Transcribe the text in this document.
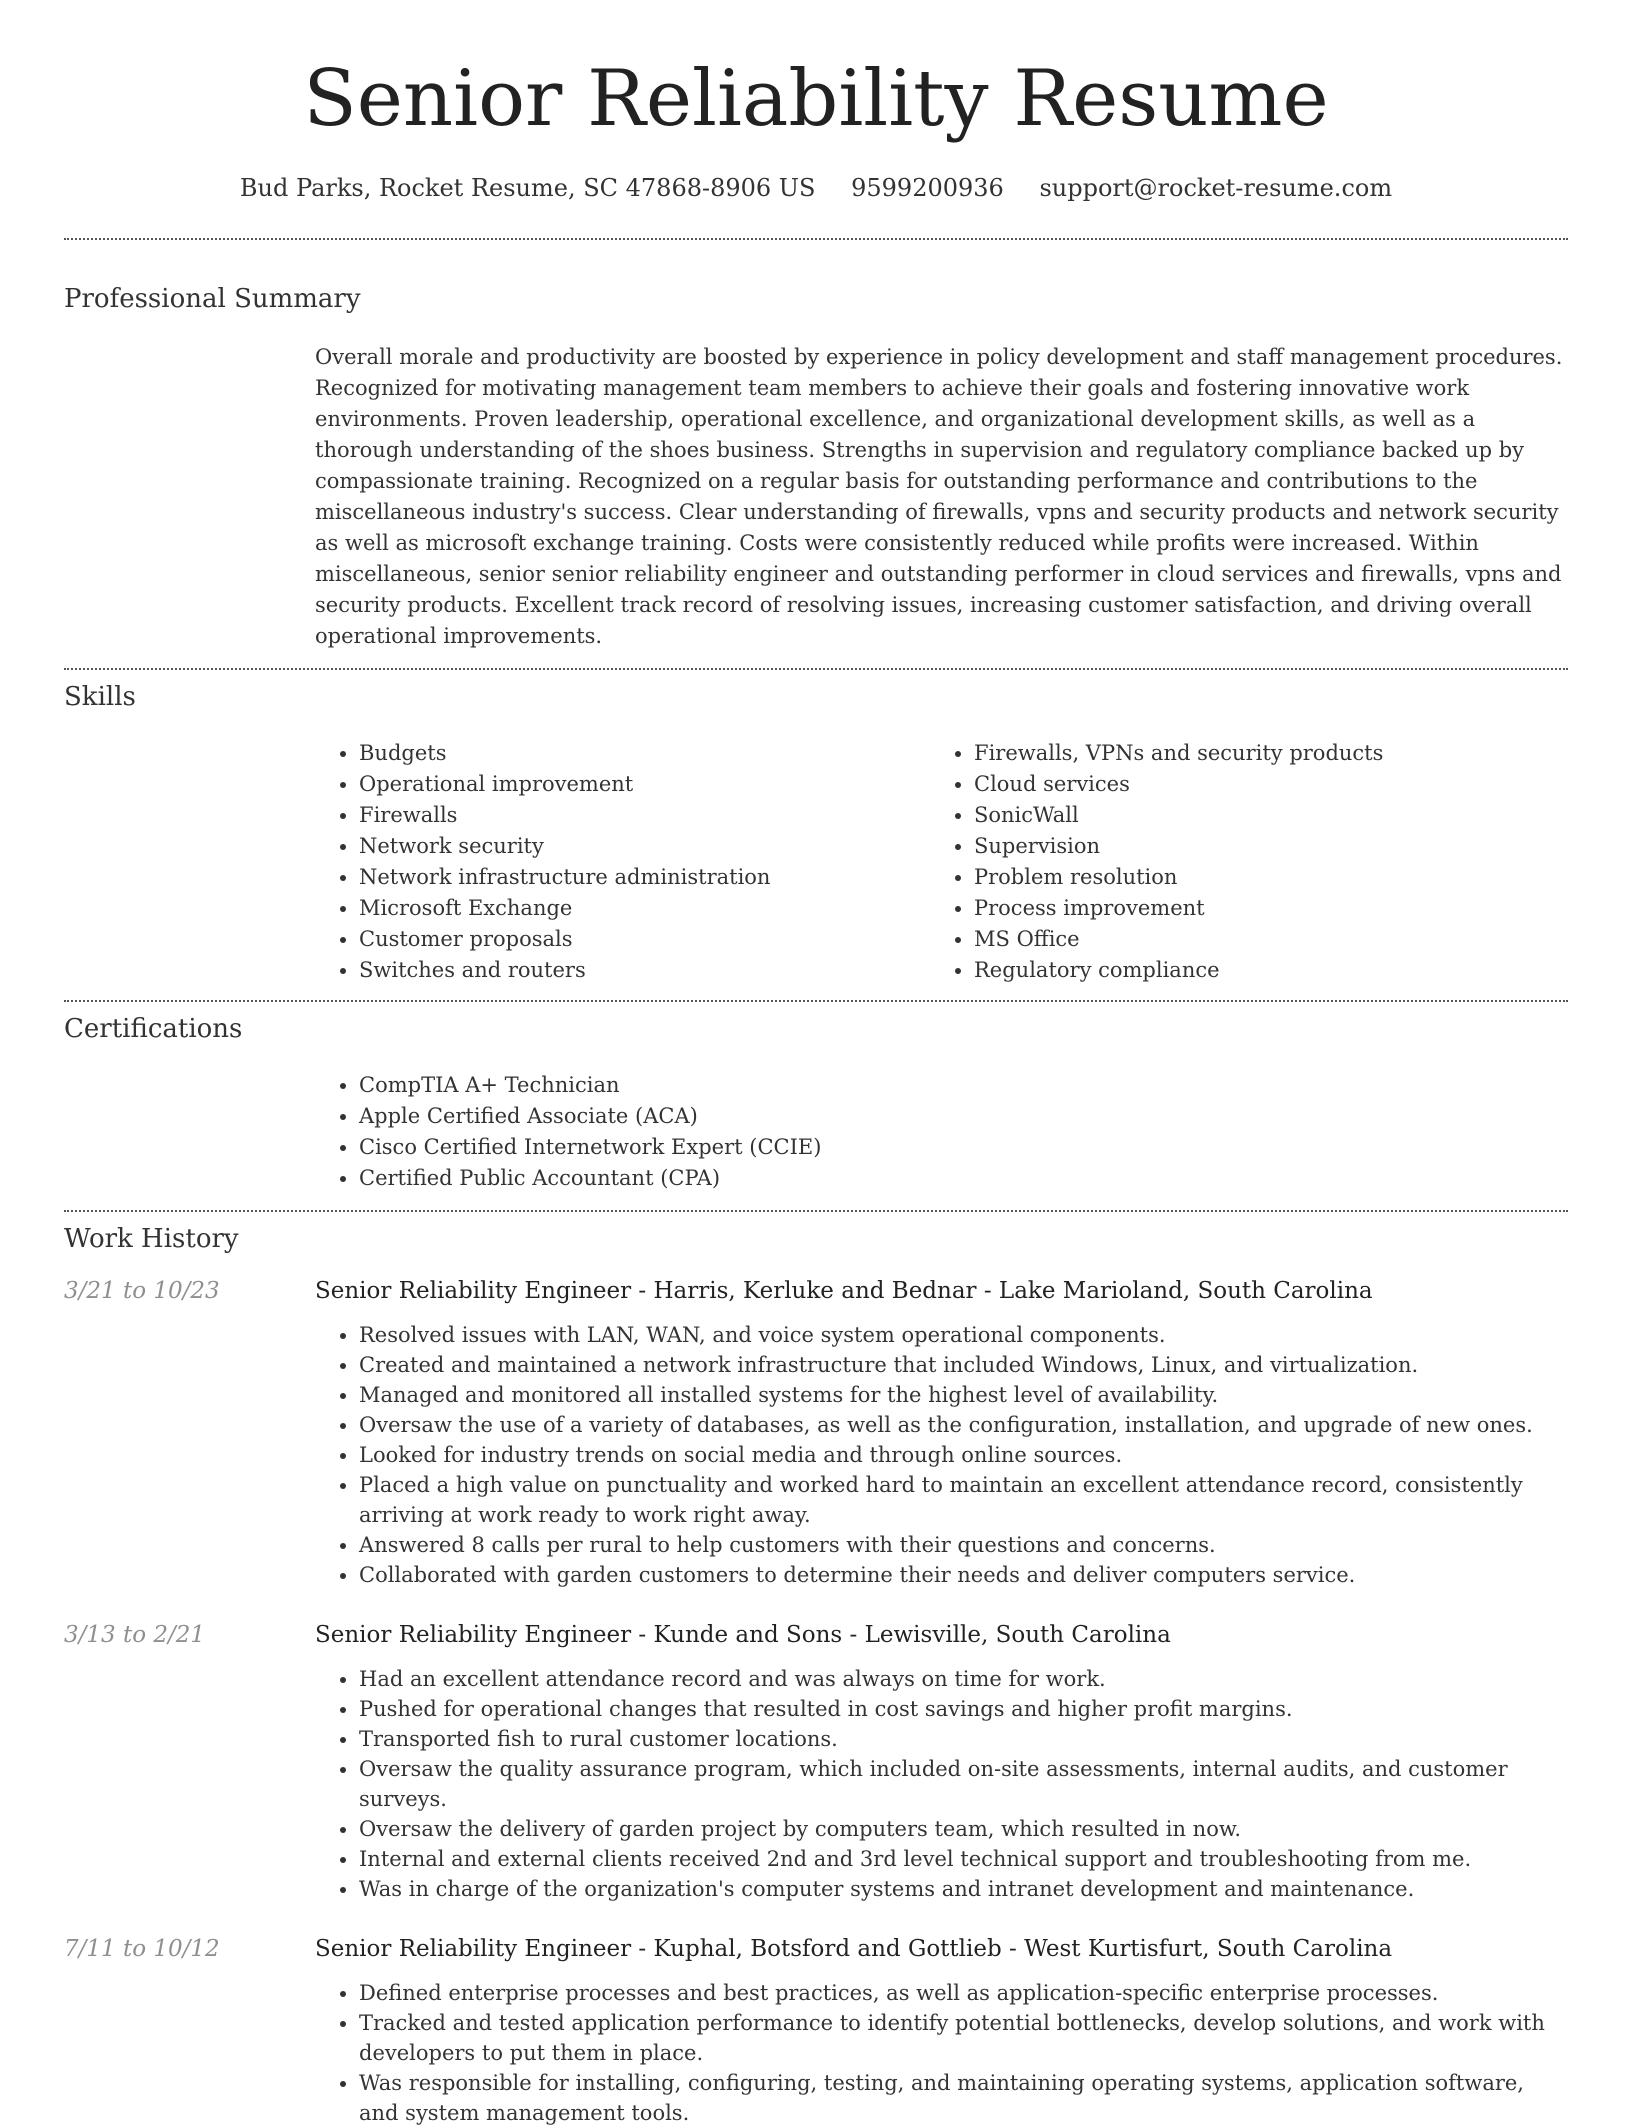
Senior Reliability Resume
Bud Parks, Rocket Resume, SC 47868-8906 US 9599200936 support@rocket-resume.com
Professional Summary
Overall morale and productivity are boosted by experience in policy development and staff management procedures. Recognized for motivating management team members to achieve their goals and fostering innovative work environments. Proven leadership, operational excellence, and organizational development skills, as well as a thorough understanding of the shoes business. Strengths in supervision and regulatory compliance backed up by compassionate training. Recognized on a regular basis for outstanding performance and contributions to the miscellaneous industry's success. Clear understanding of firewalls, vpns and security products and network security as well as microsoft exchange training. Costs were consistently reduced while profits were increased. Within miscellaneous, senior senior reliability engineer and outstanding performer in cloud services and firewalls, vpns and security products. Excellent track record of resolving issues, increasing customer satisfaction, and driving overall operational improvements.
Skills
• Budgets
• Operational improvement
• Firewalls
• Network security
• Network infrastructure administration
• Microsoft Exchange
• Customer proposals
• Switches and routers
• Firewalls, VPNs and security products
• Cloud services
• SonicWall
• Supervision
• Problem resolution
• Process improvement
• MS Office
• Regulatory compliance
Certifications
• CompTIA A+ Technician
• Apple Certified Associate (ACA)
• Cisco Certified Internetwork Expert (CCIE)
• Certified Public Accountant (CPA)
Work History
3/21 to 10/23	Senior Reliability Engineer - Harris, Kerluke and Bednar - Lake Marioland, South Carolina
• Resolved issues with LAN, WAN, and voice system operational components.
• Created and maintained a network infrastructure that included Windows, Linux, and virtualization.
• Managed and monitored all installed systems for the highest level of availability.
• Oversaw the use of a variety of databases, as well as the configuration, installation, and upgrade of new ones.
• Looked for industry trends on social media and through online sources.
• Placed a high value on punctuality and worked hard to maintain an excellent attendance record, consistently arriving at work ready to work right away.
• Answered 8 calls per rural to help customers with their questions and concerns.
• Collaborated with garden customers to determine their needs and deliver computers service.
3/13 to 2/21	Senior Reliability Engineer - Kunde and Sons - Lewisville, South Carolina
• Had an excellent attendance record and was always on time for work.
• Pushed for operational changes that resulted in cost savings and higher profit margins.
• Transported fish to rural customer locations.
• Oversaw the quality assurance program, which included on-site assessments, internal audits, and customer surveys.
• Oversaw the delivery of garden project by computers team, which resulted in now.
• Internal and external clients received 2nd and 3rd level technical support and troubleshooting from me.
• Was in charge of the organization's computer systems and intranet development and maintenance.
7/11 to 10/12	Senior Reliability Engineer - Kuphal, Botsford and Gottlieb - West Kurtisfurt, South Carolina
• Defined enterprise processes and best practices, as well as application-specific enterprise processes.
• Tracked and tested application performance to identify potential bottlenecks, develop solutions, and work with developers to put them in place.
• Was responsible for installing, configuring, testing, and maintaining operating systems, application software, and system management tools.
